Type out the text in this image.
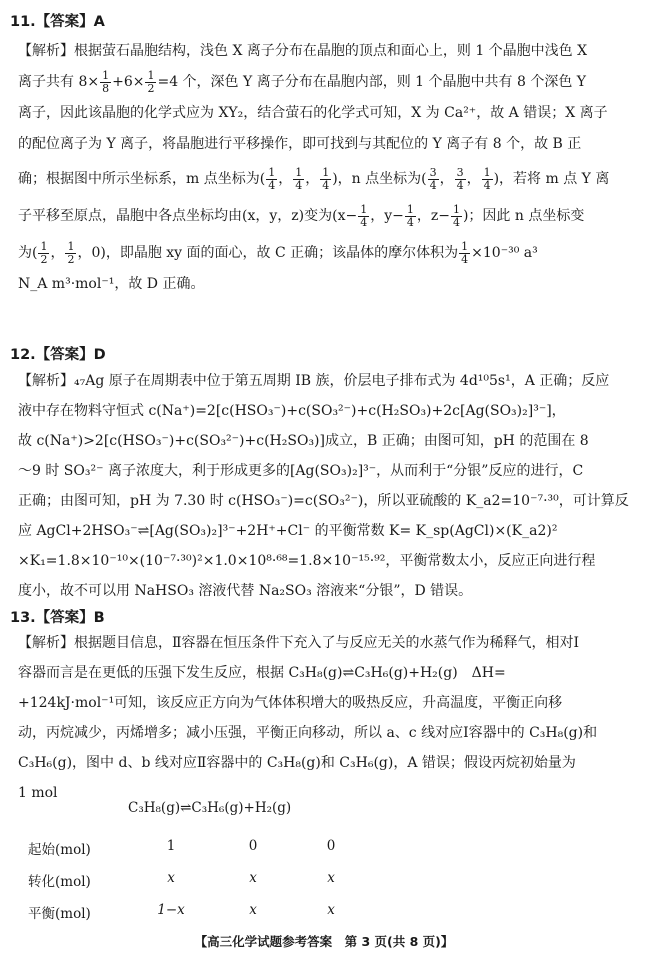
11.【答案】A
【解析】根据萤石晶胞结构，浅色 X 离子分布在晶胞的顶点和面心上，则 1 个晶胞中浅色 X
离子共有 $8\times \frac{1}{8} +6\times \frac{1}{2} =4$ 个，深色 Y 离子分布在晶胞内部，则 1 个晶胞中共有 8 个深色 Y
离子，因此该晶胞的化学式应为 XY₂，结合萤石的化学式可知，X 为 Ca²⁺，故 A 错误；X 离子
的配位离子为 Y 离子，将晶胞进行平移操作，即可找到与其配位的 Y 离子有 8 个，故 B 正
确；根据图中所示坐标系，m 点坐标为( $\frac{1}{4}$ ， $\frac{1}{4}$ ， $\frac{1}{4}$ )，n 点坐标为( $\frac{3}{4}$ ， $\frac{3}{4}$ ， $\frac{1}{4}$ )，若将 m 点 Y 离
子平移至原点，晶胞中各点坐标均由(x，y，z)变为($x- \frac{1}{4}$ ，$y- \frac{1}{4}$ ，$z- \frac{1}{4}$ )；因此 n 点坐标变
为( $\frac{1}{2}$ ， $\frac{1}{2}$ ，0)，即晶胞 xy 面的面心，故 C 正确；该晶体的摩尔体积为 $\frac{1}{4} \times 10^{-30}$ a³
N_A m³·mol⁻¹，故 D 正确。
12.【答案】D
【解析】₄₇Ag 原子在周期表中位于第五周期 IB 族，价层电子排布式为 4d¹⁰5s¹，A 正确；反应
液中存在物料守恒式 c(Na⁺)=2[c(HSO₃⁻)+c(SO₃²⁻)+c(H₂SO₃)+2c[Ag(SO₃)₂]³⁻]，
故 c(Na⁺)>2[c(HSO₃⁻)+c(SO₃²⁻)+c(H₂SO₃)]成立，B 正确；由图可知，pH 的范围在 8
～9 时 SO₃²⁻ 离子浓度大，利于形成更多的[Ag(SO₃)₂]³⁻，从而利于“分银”反应的进行，C
正确；由图可知，pH 为 7.30 时 c(HSO₃⁻)=c(SO₃²⁻)，所以亚硫酸的 K_a2=10⁻⁷·³⁰，可计算反
应 AgCl+2HSO₃⁻⇌[Ag(SO₃)₂]³⁻+2H⁺+Cl⁻ 的平衡常数 K= K_sp(AgCl)×(K_a2)²
×K₁=1.8×10⁻¹⁰×(10⁻⁷·³⁰)²×1.0×10⁸·⁶⁸=1.8×10⁻¹⁵·⁹²，平衡常数太小，反应正向进行程
度小，故不可以用 NaHSO₃ 溶液代替 Na₂SO₃ 溶液来“分银”，D 错误。
13.【答案】B
【解析】根据题目信息，Ⅱ容器在恒压条件下充入了与反应无关的水蒸气作为稀释气，相对Ⅰ
容器而言是在更低的压强下发生反应，根据 C₃H₈(g)⇌C₃H₆(g)+H₂(g)　ΔH=
+124kJ·mol⁻¹可知，该反应正方向为气体体积增大的吸热反应，升高温度，平衡正向移
动，丙烷减少，丙烯增多；减小压强，平衡正向移动，所以 a、c 线对应Ⅰ容器中的 C₃H₈(g)和
C₃H₆(g)，图中 d、b 线对应Ⅱ容器中的 C₃H₈(g)和 C₃H₆(g)，A 错误；假设丙烷初始量为
1 mol
C₃H₈(g)⇌C₃H₆(g)+H₂(g)
起始(mol)	1	0	0
转化(mol)	x	x	x
平衡(mol)	1−x	x	x
【高三化学试题参考答案　第 3 页(共 8 页)】
